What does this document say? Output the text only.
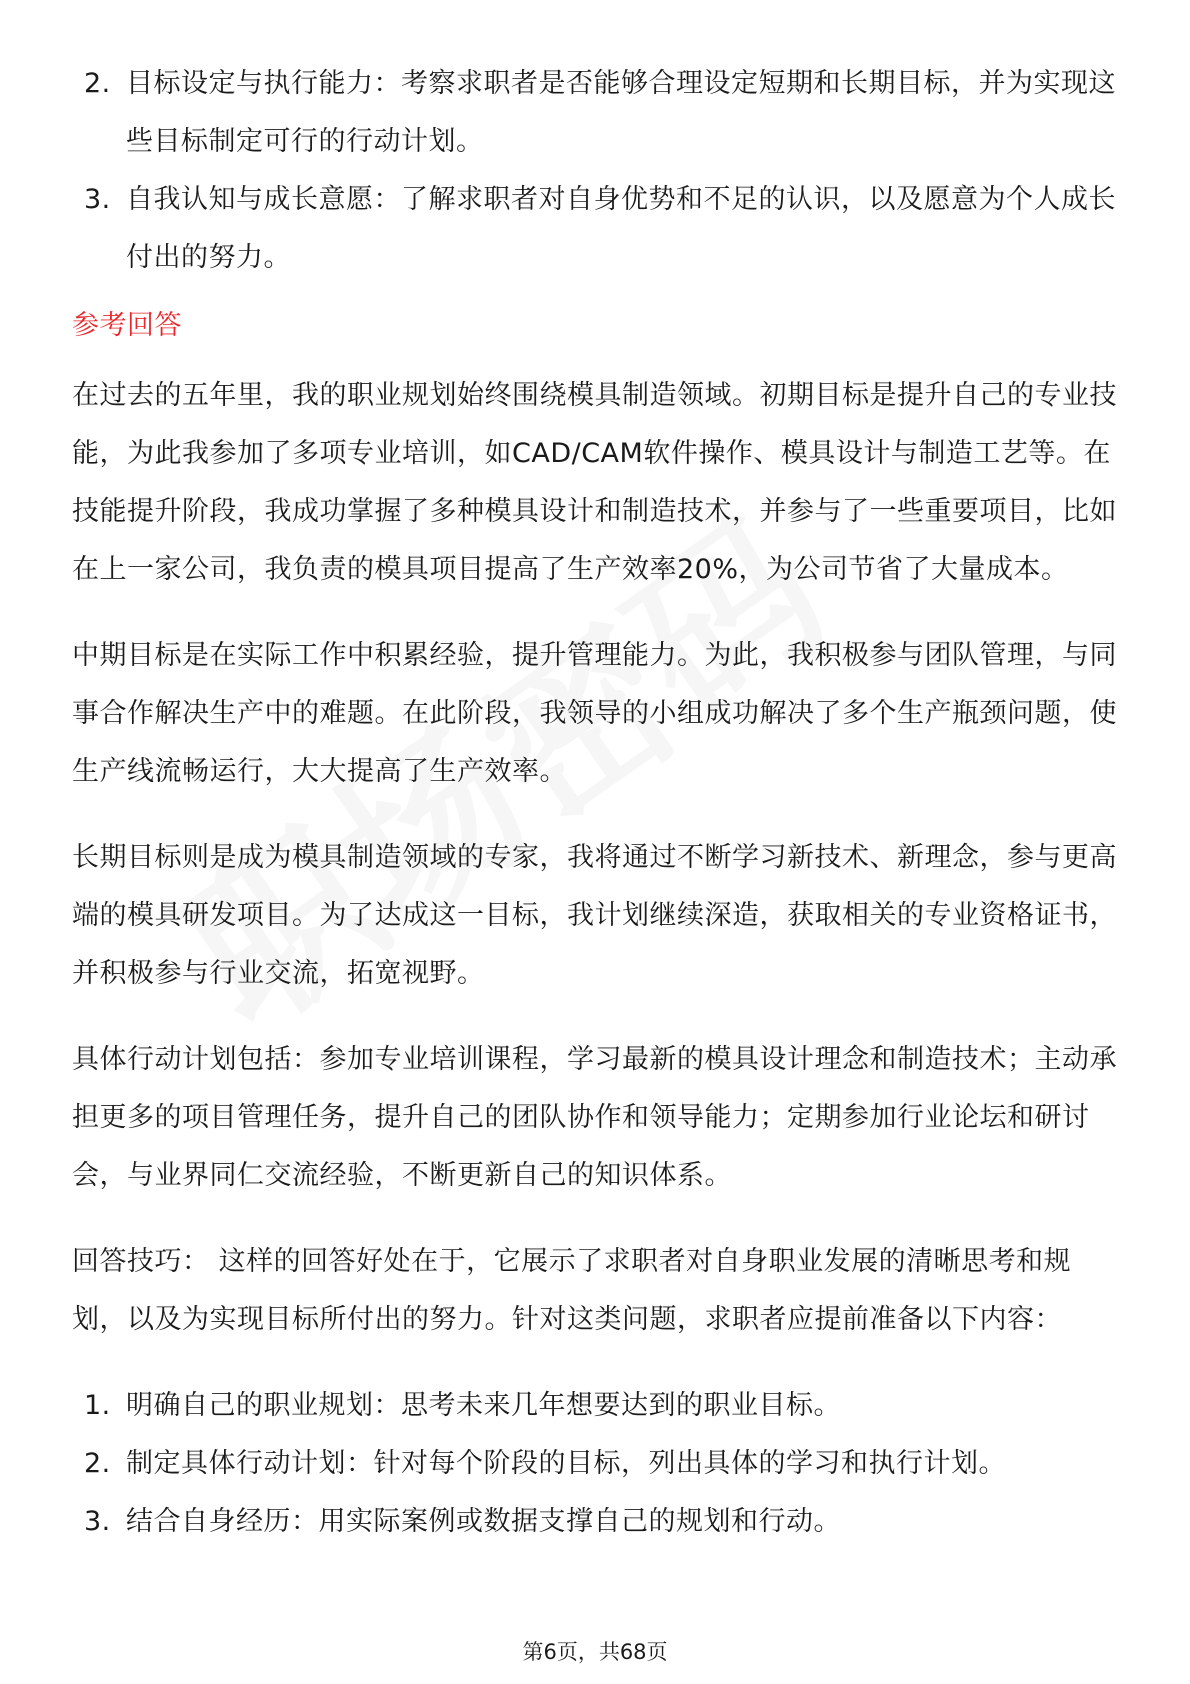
2. 目标设定与执行能力：考察求职者是否能够合理设定短期和长期目标，并为实现这些目标制定可行的行动计划。
3. 自我认知与成长意愿：了解求职者对自身优势和不足的认识，以及愿意为个人成长付出的努力。
参考回答

在过去的五年里，我的职业规划始终围绕模具制造领域。初期目标是提升自己的专业技能，为此我参加了多项专业培训，如CAD/CAM软件操作、模具设计与制造工艺等。在技能提升阶段，我成功掌握了多种模具设计和制造技术，并参与了一些重要项目，比如在上一家公司，我负责的模具项目提高了生产效率20%，为公司节省了大量成本。

中期目标是在实际工作中积累经验，提升管理能力。为此，我积极参与团队管理，与同事合作解决生产中的难题。在此阶段，我领导的小组成功解决了多个生产瓶颈问题，使生产线流畅运行，大大提高了生产效率。

长期目标则是成为模具制造领域的专家，我将通过不断学习新技术、新理念，参与更高端的模具研发项目。为了达成这一目标，我计划继续深造，获取相关的专业资格证书，并积极参与行业交流，拓宽视野。

具体行动计划包括：参加专业培训课程，学习最新的模具设计理念和制造技术；主动承担更多的项目管理任务，提升自己的团队协作和领导能力；定期参加行业论坛和研讨会，与业界同仁交流经验，不断更新自己的知识体系。

回答技巧： 这样的回答好处在于，它展示了求职者对自身职业发展的清晰思考和规划，以及为实现目标所付出的努力。针对这类问题，求职者应提前准备以下内容：

1. 明确自己的职业规划：思考未来几年想要达到的职业目标。
2. 制定具体行动计划：针对每个阶段的目标，列出具体的学习和执行计划。
3. 结合自身经历：用实际案例或数据支撑自己的规划和行动。
第6页，共68页
